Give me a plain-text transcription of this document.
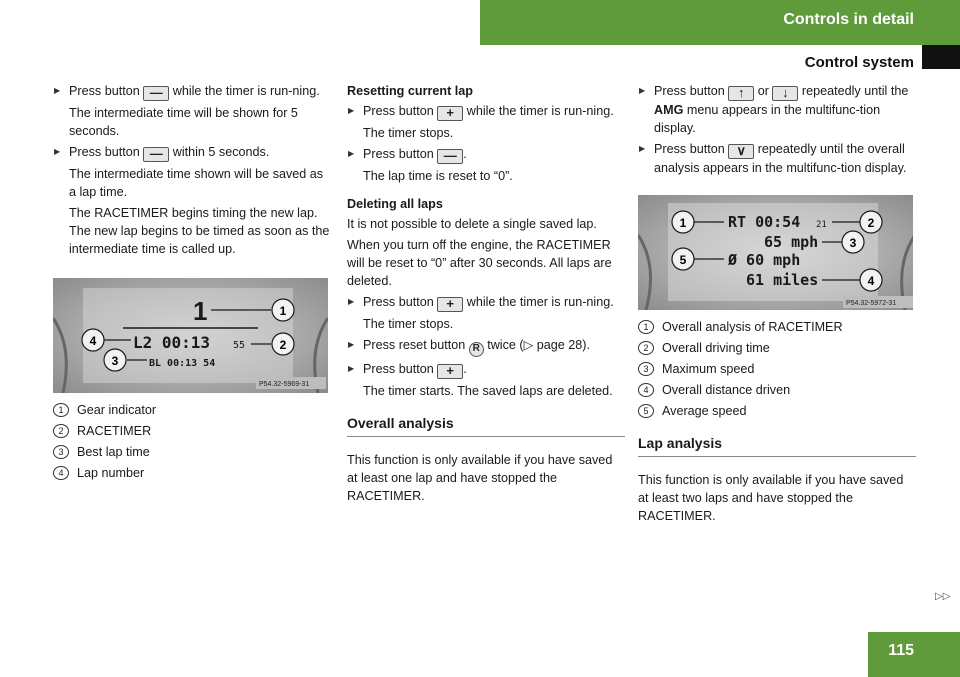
Controls in detail
Control system

▶ Press button — while the timer is run-ning.

The intermediate time will be shown for 5 seconds.

▶ Press button — within 5 seconds.

The intermediate time shown will be saved as a lap time.

The RACETIMER begins timing the new lap. The new lap begins to be timed as soon as the intermediate time is called up.

1
L2 00:13 55
BL 00:13 54
1
2
3
4
P54.32-5969-31
1	Gear indicator
2	RACETIMER
3	Best lap time
4	Lap number

Resetting current lap

▶ Press button + while the timer is run-ning.

The timer stops.

▶ Press button — .

The lap time is reset to “0”.

Deleting all laps

It is not possible to delete a single saved lap.

When you turn off the engine, the RACETIMER will be reset to “0” after 30 seconds. All laps are deleted.

▶ Press button + while the timer is run-ning.

The timer stops.

▶ Press reset button R twice (▷ page 28).

▶ Press button + .

The timer starts. The saved laps are deleted.

Overall analysis

This function is only available if you have saved at least one lap and have stopped the RACETIMER.

▶ Press button ↑ or ↓ repeatedly until the AMG menu appears in the multifunc-tion display.

▶ Press button ∨ repeatedly until the overall analysis appears in the multifunc-tion display.

RT 00:54 21
65 mph
Ø 60 mph
61 miles
1	2
3
4
5
P54.32-5972-31
1	Overall analysis of RACETIMER
2	Overall driving time
3	Maximum speed
4	Overall distance driven
5	Average speed

Lap analysis

This function is only available if you have saved at least two laps and have stopped the RACETIMER.

▷▷
115
